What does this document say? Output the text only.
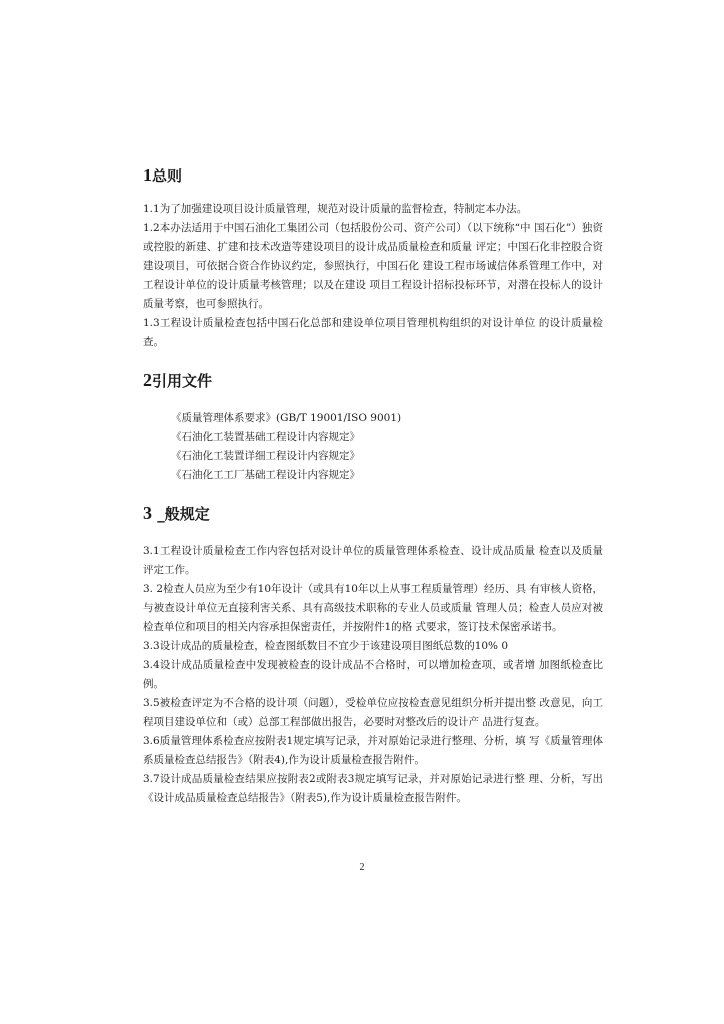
1总则

1.1为了加强建设项目设计质量管理，规范对设计质量的监督检查，特制定本办法。

1.2本办法适用于中国石油化工集团公司（包括股份公司、资产公司）（以下统称“中 国石化”）独资或控股的新建、扩建和技术改造等建设项目的设计成品质量检查和质量 评定；中国石化非控股合资建设项目，可依据合资合作协议约定，参照执行，中国石化 建设工程市场诚信体系管理工作中，对工程设计单位的设计质量考核管理；以及在建设 项目工程设计招标投标环节，对潜在投标人的设计质量考察，也可参照执行。

1.3工程设计质量检查包括中国石化总部和建设单位项目管理机构组织的对设计单位 的设计质量检查。

2引用文件
《质量管理体系要求》(GB/T 19001/ISO 9001)
《石油化工装置基础工程设计内容规定》
《石油化工装置详细工程设计内容规定》
《石油化工工厂基础工程设计内容规定》
3 _般规定

3.1工程设计质量检查工作内容包括对设计单位的质量管理体系检查、设计成品质量 检查以及质量评定工作。

3. 2检查人员应为至少有10年设计（或具有10年以上从事工程质量管理）经历、具 有审核人资格，与被查设计单位无直接利害关系、具有高级技术职称的专业人员或质量 管理人员；检查人员应对被检查单位和项目的相关内容承担保密责任，并按附件1的格 式要求，签订技术保密承诺书。

3.3设计成品的质量检查，检查图纸数目不宜少于该建设项目图纸总数的10% 0

3.4设计成品质量检查中发现被检查的设计成品不合格时，可以增加检查项，或者增 加图纸检查比例。

3.5被检查评定为不合格的设计项（问题），受检单位应按检查意见组织分析并提出整 改意见，向工程项目建设单位和（或）总部工程部做出报告，必要时对整改后的设计产 品进行复查。

3.6质量管理体系检查应按附表1规定填写记录，并对原始记录进行整理、分析，填 写《质量管理体系质量检查总结报告》（附表4),作为设计质量检查报告附件。

3.7设计成品质量检查结果应按附表2或附表3规定填写记录，并对原始记录进行整 理、分析，写出《设计成品质量检查总结报告》（附表5),作为设计质量检查报告附件。

2
